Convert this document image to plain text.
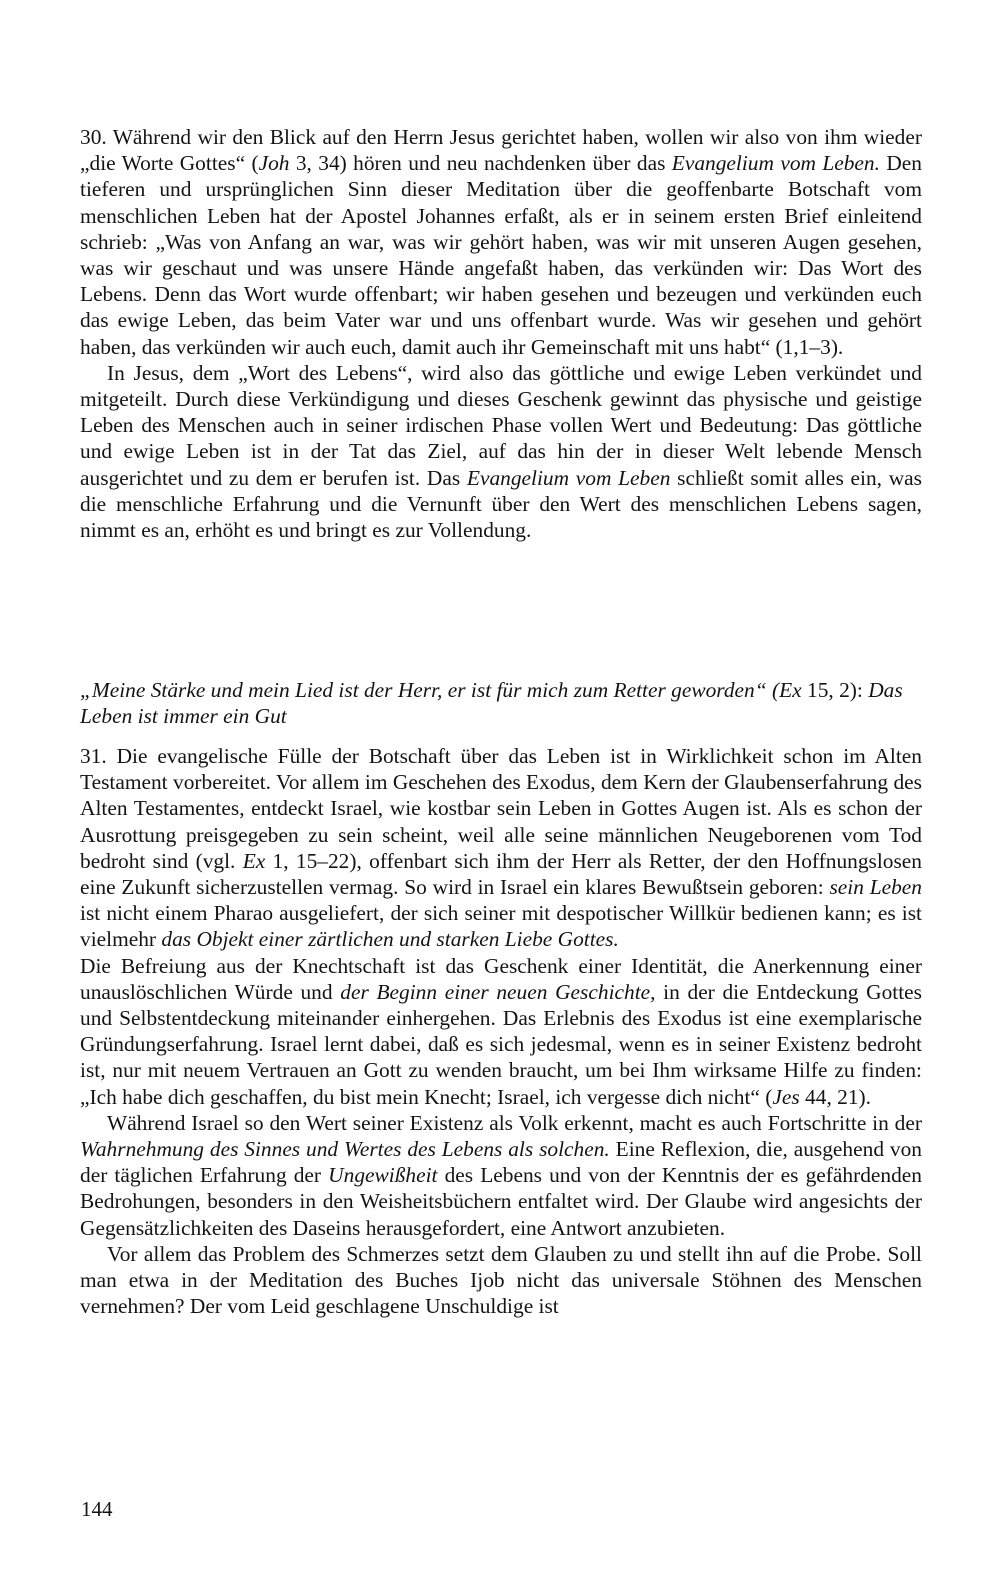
30. Während wir den Blick auf den Herrn Jesus gerichtet haben, wollen wir also von ihm wieder „die Worte Gottes“ (Joh 3, 34) hören und neu nachdenken über das Evangelium vom Leben. Den tieferen und ursprünglichen Sinn dieser Meditation über die geoffenbarte Botschaft vom menschlichen Leben hat der Apostel Johannes erfaßt, als er in seinem ersten Brief einleitend schrieb: „Was von Anfang an war, was wir gehört haben, was wir mit unseren Augen gesehen, was wir geschaut und was unsere Hände angefaßt haben, das verkünden wir: Das Wort des Lebens. Denn das Wort wurde offenbart; wir haben gesehen und bezeugen und verkünden euch das ewige Leben, das beim Vater war und uns offenbart wurde. Was wir gesehen und gehört haben, das verkünden wir auch euch, damit auch ihr Gemeinschaft mit uns habt“ (1,1–3).

In Jesus, dem „Wort des Lebens“, wird also das göttliche und ewige Leben verkündet und mitgeteilt. Durch diese Verkündigung und dieses Geschenk gewinnt das physische und geistige Leben des Menschen auch in seiner irdischen Phase vollen Wert und Bedeutung: Das göttliche und ewige Leben ist in der Tat das Ziel, auf das hin der in dieser Welt lebende Mensch ausgerichtet und zu dem er berufen ist. Das Evangelium vom Leben schließt somit alles ein, was die menschliche Erfahrung und die Vernunft über den Wert des menschlichen Lebens sagen, nimmt es an, erhöht es und bringt es zur Vollendung.

„Meine Stärke und mein Lied ist der Herr, er ist für mich zum Retter geworden“ (Ex 15, 2): Das Leben ist immer ein Gut

31. Die evangelische Fülle der Botschaft über das Leben ist in Wirklichkeit schon im Alten Testament vorbereitet. Vor allem im Geschehen des Exodus, dem Kern der Glaubenserfahrung des Alten Testamentes, entdeckt Israel, wie kostbar sein Leben in Gottes Augen ist. Als es schon der Ausrottung preisgegeben zu sein scheint, weil alle seine männlichen Neugeborenen vom Tod bedroht sind (vgl. Ex 1, 15–22), offenbart sich ihm der Herr als Retter, der den Hoffnungslosen eine Zukunft sicherzustellen vermag. So wird in Israel ein klares Bewußtsein geboren: sein Leben ist nicht einem Pharao ausgeliefert, der sich seiner mit despotischer Willkür bedienen kann; es ist vielmehr das Objekt einer zärtlichen und starken Liebe Gottes.

Die Befreiung aus der Knechtschaft ist das Geschenk einer Identität, die Anerkennung einer unauslöschlichen Würde und der Beginn einer neuen Geschichte, in der die Entdeckung Gottes und Selbstentdeckung miteinander einhergehen. Das Erlebnis des Exodus ist eine exemplarische Gründungserfahrung. Israel lernt dabei, daß es sich jedesmal, wenn es in seiner Existenz bedroht ist, nur mit neuem Vertrauen an Gott zu wenden braucht, um bei Ihm wirksame Hilfe zu finden: „Ich habe dich geschaffen, du bist mein Knecht; Israel, ich vergesse dich nicht“ (Jes 44, 21).

Während Israel so den Wert seiner Existenz als Volk erkennt, macht es auch Fortschritte in der Wahrnehmung des Sinnes und Wertes des Lebens als solchen. Eine Reflexion, die, ausgehend von der täglichen Erfahrung der Ungewißheit des Lebens und von der Kenntnis der es gefährdenden Bedrohungen, besonders in den Weisheitsbüchern entfaltet wird. Der Glaube wird angesichts der Gegensätzlichkeiten des Daseins herausgefordert, eine Antwort anzubieten.

Vor allem das Problem des Schmerzes setzt dem Glauben zu und stellt ihn auf die Probe. Soll man etwa in der Meditation des Buches Ijob nicht das universale Stöhnen des Menschen vernehmen? Der vom Leid geschlagene Unschuldige ist

144
